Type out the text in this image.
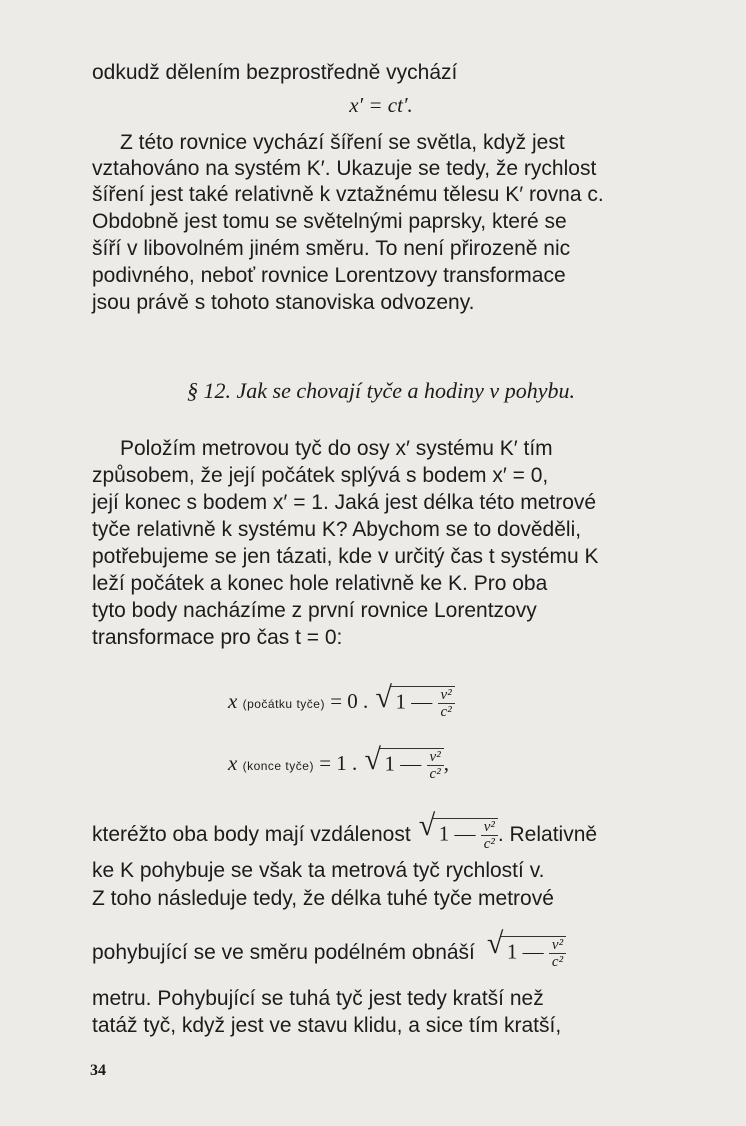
odkudž dělením bezprostředně vychází
x′ = ct′.
Z této rovnice vychází šíření se světla, když jest
vztahováno na systém K′. Ukazuje se tedy, že rychlost
šíření jest také relativně k vztažnému tělesu K′ rovna c.
Obdobně jest tomu se světelnými paprsky, které se
šíří v libovolném jiném směru. To není přirozeně nic
podivného, neboť rovnice Lorentzovy transformace
jsou právě s tohoto stanoviska odvozeny.
§ 12. Jak se chovají tyče a hodiny v pohybu.
Položím metrovou tyč do osy x′ systému K′ tím
způsobem, že její počátek splývá s bodem x′ = 0,
její konec s bodem x′ = 1. Jaká jest délka této metrové
tyče relativně k systému K? Abychom se to dověděli,
potřebujeme se jen tázati, kde v určitý čas t systému K
leží počátek a konec hole relativně ke K. Pro oba
tyto body nacházíme z první rovnice Lorentzovy
transformace pro čas t = 0:
x (počátku tyče) = 0 . √ 1 — $\frac{\text{v²}}{\text{c²}}$
x (konce tyče) = 1 . √ 1 — $\frac{\text{v²}}{\text{c²}}$ ,
kteréžto oba body mají vzdálenost √ 1 — $\frac{\text{v²}}{\text{c²}}$ . Relativně
ke K pohybuje se však ta metrová tyč rychlostí v.
Z toho následuje tedy, že délka tuhé tyče metrové
pohybující se ve směru podélném obnáší √ 1 — $\frac{\text{v²}}{\text{c²}}$
metru. Pohybující se tuhá tyč jest tedy kratší než
tatáž tyč, když jest ve stavu klidu, a sice tím kratší,
34
